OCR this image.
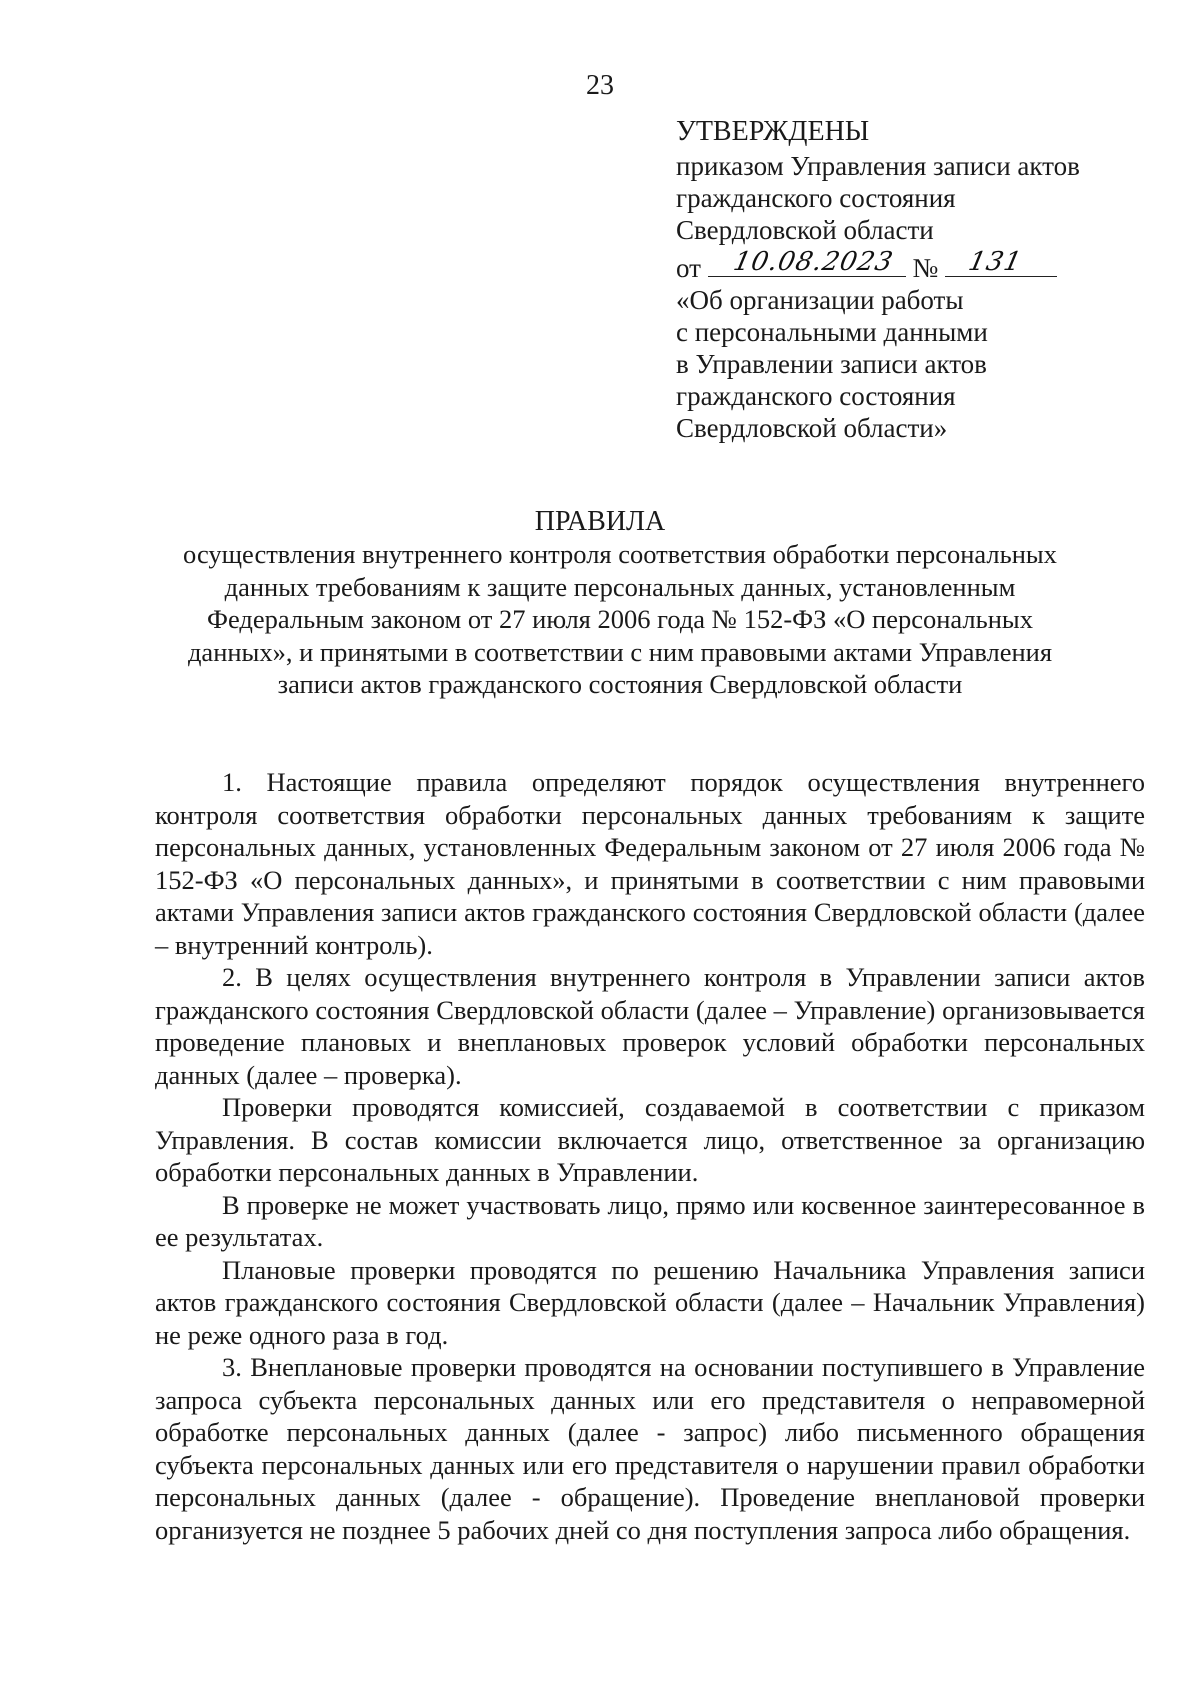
23
УТВЕРЖДЕНЫ
приказом Управления записи актов
гражданского состояния
Свердловской области
от 10.08.2023 № 131
«Об организации работы
с персональными данными
в Управлении записи актов
гражданского состояния
Свердловской области»
ПРАВИЛА
осуществления внутреннего контроля соответствия обработки персональных
данных требованиям к защите персональных данных, установленным
Федеральным законом от 27 июля 2006 года № 152-ФЗ «О персональных
данных», и принятыми в соответствии с ним правовыми актами Управления
записи актов гражданского состояния Свердловской области

1. Настоящие правила определяют порядок осуществления внутреннего контроля соответствия обработки персональных данных требованиям к защите персональных данных, установленных Федеральным законом от 27 июля 2006 года № 152-ФЗ «О персональных данных», и принятыми в соответствии с ним правовыми актами Управления записи актов гражданского состояния Свердловской области (далее – внутренний контроль).

2. В целях осуществления внутреннего контроля в Управлении записи актов гражданского состояния Свердловской области (далее – Управление) организовывается проведение плановых и внеплановых проверок условий обработки персональных данных (далее – проверка).

Проверки проводятся комиссией, создаваемой в соответствии с приказом Управления. В состав комиссии включается лицо, ответственное за организацию обработки персональных данных в Управлении.

В проверке не может участвовать лицо, прямо или косвенное заинтересованное в ее результатах.

Плановые проверки проводятся по решению Начальника Управления записи актов гражданского состояния Свердловской области (далее – Начальник Управления) не реже одного раза в год.

3. Внеплановые проверки проводятся на основании поступившего в Управление запроса субъекта персональных данных или его представителя о неправомерной обработке персональных данных (далее - запрос) либо письменного обращения субъекта персональных данных или его представителя о нарушении правил обработки персональных данных (далее - обращение). Проведение внеплановой проверки организуется не позднее 5 рабочих дней со дня поступления запроса либо обращения.
